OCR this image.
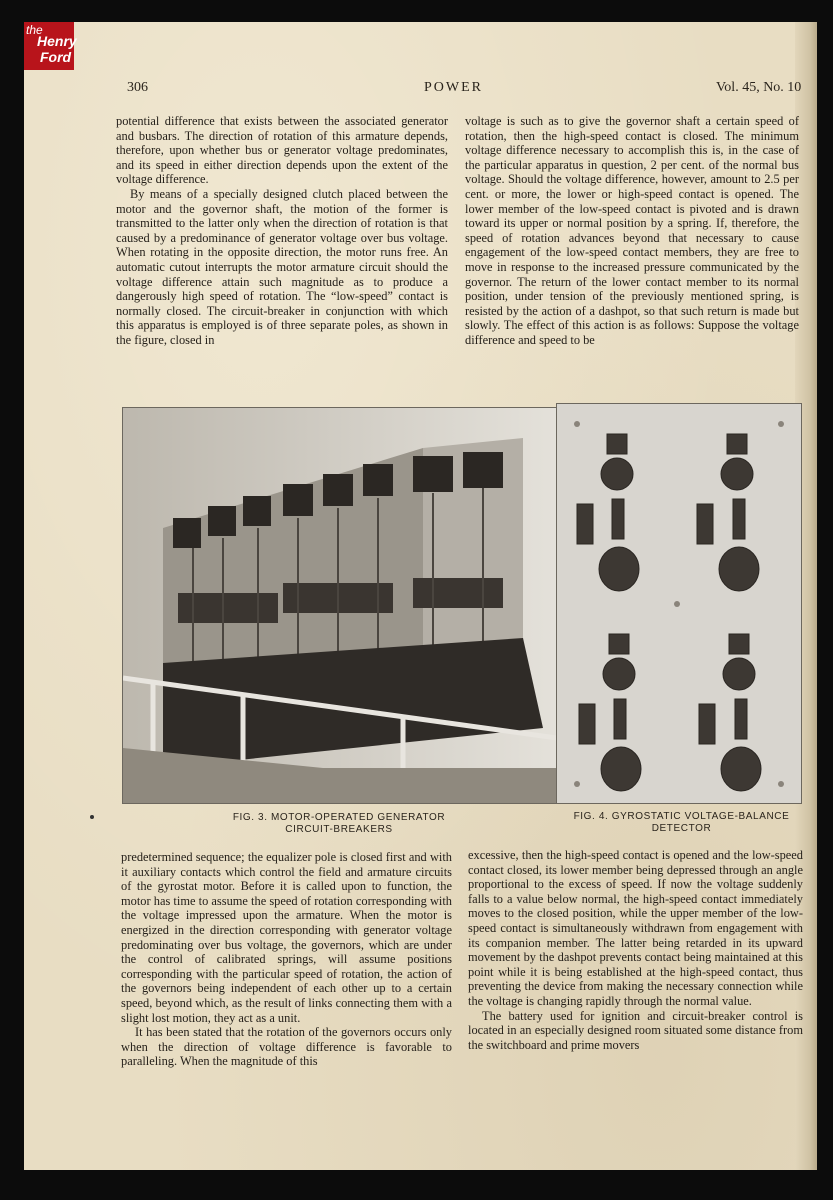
the
Henry
Ford
306	POWER	Vol. 45, No. 10

potential difference that exists between the associated generator and busbars. The direction of rotation of this armature depends, therefore, upon whether bus or generator voltage predominates, and its speed in either direction depends upon the extent of the voltage difference.

By means of a specially designed clutch placed between the motor and the governor shaft, the motion of the former is transmitted to the latter only when the direction of rotation is that caused by a predominance of generator voltage over bus voltage. When rotating in the opposite direction, the motor runs free. An automatic cutout interrupts the motor armature circuit should the voltage difference attain such magnitude as to produce a dangerously high speed of rotation. The “low-speed” contact is normally closed. The circuit-breaker in conjunction with which this apparatus is employed is of three separate poles, as shown in the figure, closed in

voltage is such as to give the governor shaft a certain speed of rotation, then the high-speed contact is closed. The minimum voltage difference necessary to accomplish this is, in the case of the particular apparatus in question, 2 per cent. of the normal bus voltage. Should the voltage difference, however, amount to 2.5 per cent. or more, the lower or high-speed contact is opened. The lower member of the low-speed contact is pivoted and is drawn toward its upper or normal position by a spring. If, therefore, the speed of rotation advances beyond that necessary to cause engagement of the low-speed contact members, they are free to move in response to the increased pressure communicated by the governor. The return of the lower contact member to its normal position, under tension of the previously mentioned spring, is resisted by the action of a dashpot, so that such return is made but slowly. The effect of this action is as follows: Suppose the voltage difference and speed to be

FIG. 3. MOTOR-OPERATED GENERATOR
CIRCUIT-BREAKERS
FIG. 4. GYROSTATIC VOLTAGE-BALANCE
DETECTOR

predetermined sequence; the equalizer pole is closed first and with it auxiliary contacts which control the field and armature circuits of the gyrostat motor. Before it is called upon to function, the motor has time to assume the speed of rotation corresponding with the voltage impressed upon the armature. When the motor is energized in the direction corresponding with generator voltage predominating over bus voltage, the governors, which are under the control of calibrated springs, will assume positions corresponding with the particular speed of rotation, the action of the governors being independent of each other up to a certain speed, beyond which, as the result of links connecting them with a slight lost motion, they act as a unit.

It has been stated that the rotation of the governors occurs only when the direction of voltage difference is favorable to paralleling. When the magnitude of this

excessive, then the high-speed contact is opened and the low-speed contact closed, its lower member being depressed through an angle proportional to the excess of speed. If now the voltage suddenly falls to a value below normal, the high-speed contact immediately moves to the closed position, while the upper member of the low-speed contact is simultaneously withdrawn from engagement with its companion member. The latter being retarded in its upward movement by the dashpot prevents contact being maintained at this point while it is being established at the high-speed contact, thus preventing the device from making the necessary connection while the voltage is changing rapidly through the normal value.

The battery used for ignition and circuit-breaker control is located in an especially designed room situated some distance from the switchboard and prime movers
